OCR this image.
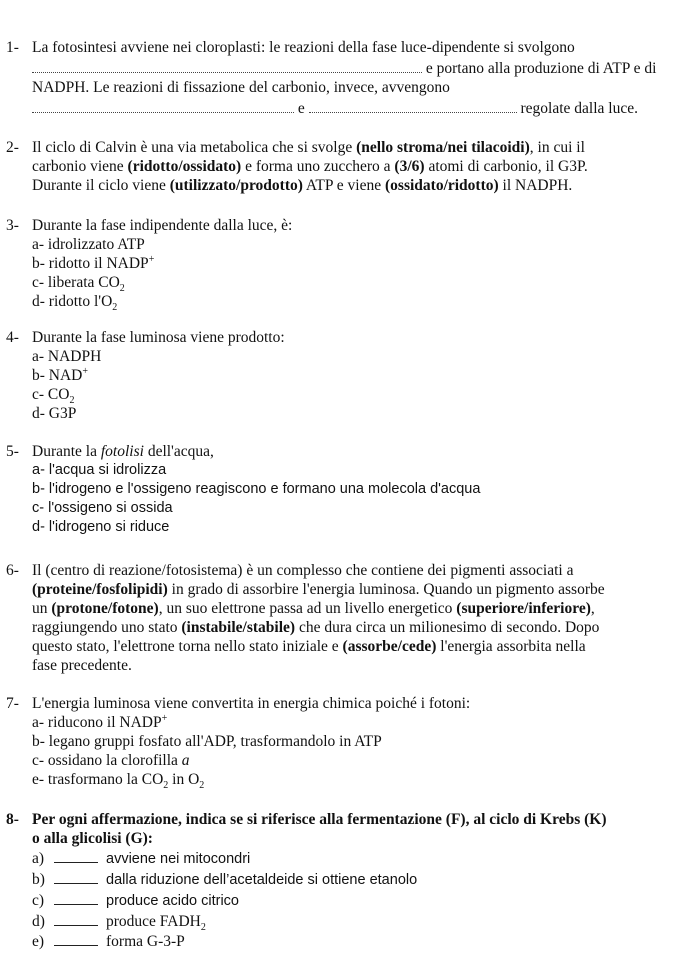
1- La fotosintesi avviene nei cloroplasti: le reazioni della fase luce-dipendente si svolgono
e portano alla produzione di ATP e di
NADPH. Le reazioni di fissazione del carbonio, invece, avvengono
e	regolate dalla luce.
2- Il ciclo di Calvin è una via metabolica che si svolge (nello stroma/nei tilacoidi), in cui il
carbonio viene (ridotto/ossidato) e forma uno zucchero a (3/6) atomi di carbonio, il G3P.
Durante il ciclo viene (utilizzato/prodotto) ATP e viene (ossidato/ridotto) il NADPH.
3- Durante la fase indipendente dalla luce, è:
a- idrolizzato ATP
b- ridotto il NADP+
c- liberata $CO_2$
d- ridotto $l'O_2$
4- Durante la fase luminosa viene prodotto:
a- NADPH
b- NAD+
c- $CO_2$
d- G3P
5- Durante la fotolisi dell'acqua,
a- l'acqua si idrolizza
b- l'idrogeno e l'ossigeno reagiscono e formano una molecola d'acqua
c- l'ossigeno si ossida
d- l'idrogeno si riduce
6- Il (centro di reazione/fotosistema) è un complesso che contiene dei pigmenti associati a
(proteine/fosfolipidi) in grado di assorbire l'energia luminosa. Quando un pigmento assorbe
un (protone/fotone), un suo elettrone passa ad un livello energetico (superiore/inferiore),
raggiungendo uno stato (instabile/stabile) che dura circa un milionesimo di secondo. Dopo
questo stato, l'elettrone torna nello stato iniziale e (assorbe/cede) l'energia assorbita nella
fase precedente.
7- L'energia luminosa viene convertita in energia chimica poiché i fotoni:
a- riducono il NADP+
b- legano gruppi fosfato all'ADP, trasformandolo in ATP
c- ossidano la clorofilla a
e- trasformano la $CO_2$ in $O_2$
8- Per ogni affermazione, indica se si riferisce alla fermentazione (F), al ciclo di Krebs (K)
o alla glicolisi (G):
a)	avviene nei mitocondri
b)	dalla riduzione dell’acetaldeide si ottiene etanolo
c)	produce acido citrico
d)	produce $FADH_2$
e)	forma G-3-P
